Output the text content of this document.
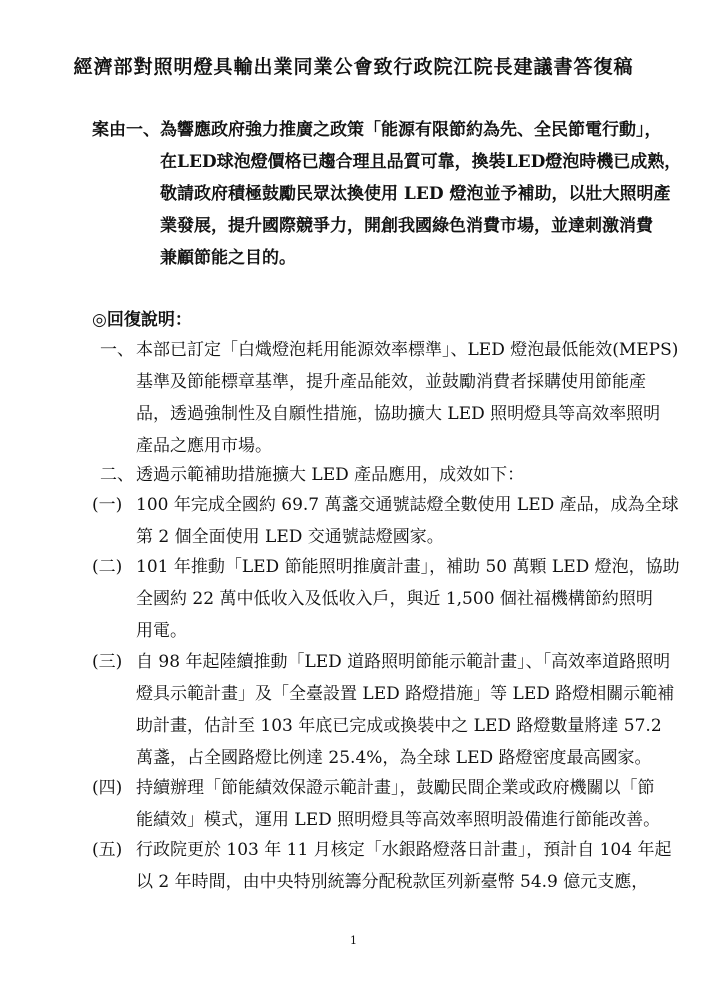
經濟部對照明燈具輸出業同業公會致行政院江院長建議書答復稿
案由一、 為響應政府強力推廣之政策「能源有限節約為先、全民節電行動」，
在LED球泡燈價格已趨合理且品質可靠，換裝LED燈泡時機已成熟，
敬請政府積極鼓勵民眾汰換使用 LED 燈泡並予補助，以壯大照明產
業發展，提升國際競爭力，開創我國綠色消費市場，並達刺激消費
兼顧節能之目的。
◎回復說明：
一、 本部已訂定「白熾燈泡耗用能源效率標準」、LED 燈泡最低能效(MEPS)
基準及節能標章基準，提升產品能效，並鼓勵消費者採購使用節能產
品，透過強制性及自願性措施，協助擴大 LED 照明燈具等高效率照明
產品之應用市場。
二、 透過示範補助措施擴大 LED 產品應用，成效如下：
(一) 100 年完成全國約 69.7 萬盞交通號誌燈全數使用 LED 產品，成為全球
第 2 個全面使用 LED 交通號誌燈國家。
(二) 101 年推動「LED 節能照明推廣計畫」，補助 50 萬顆 LED 燈泡，協助
全國約 22 萬中低收入及低收入戶，與近 1,500 個社福機構節約照明
用電。
(三) 自 98 年起陸續推動「LED 道路照明節能示範計畫」、「高效率道路照明
燈具示範計畫」及「全臺設置 LED 路燈措施」等 LED 路燈相關示範補
助計畫，估計至 103 年底已完成或換裝中之 LED 路燈數量將達 57.2
萬盞，占全國路燈比例達 25.4%，為全球 LED 路燈密度最高國家。
(四) 持續辦理「節能績效保證示範計畫」，鼓勵民間企業或政府機關以「節
能績效」模式，運用 LED 照明燈具等高效率照明設備進行節能改善。
(五) 行政院更於 103 年 11 月核定「水銀路燈落日計畫」，預計自 104 年起
以 2 年時間，由中央特別統籌分配稅款匡列新臺幣 54.9 億元支應，
1
